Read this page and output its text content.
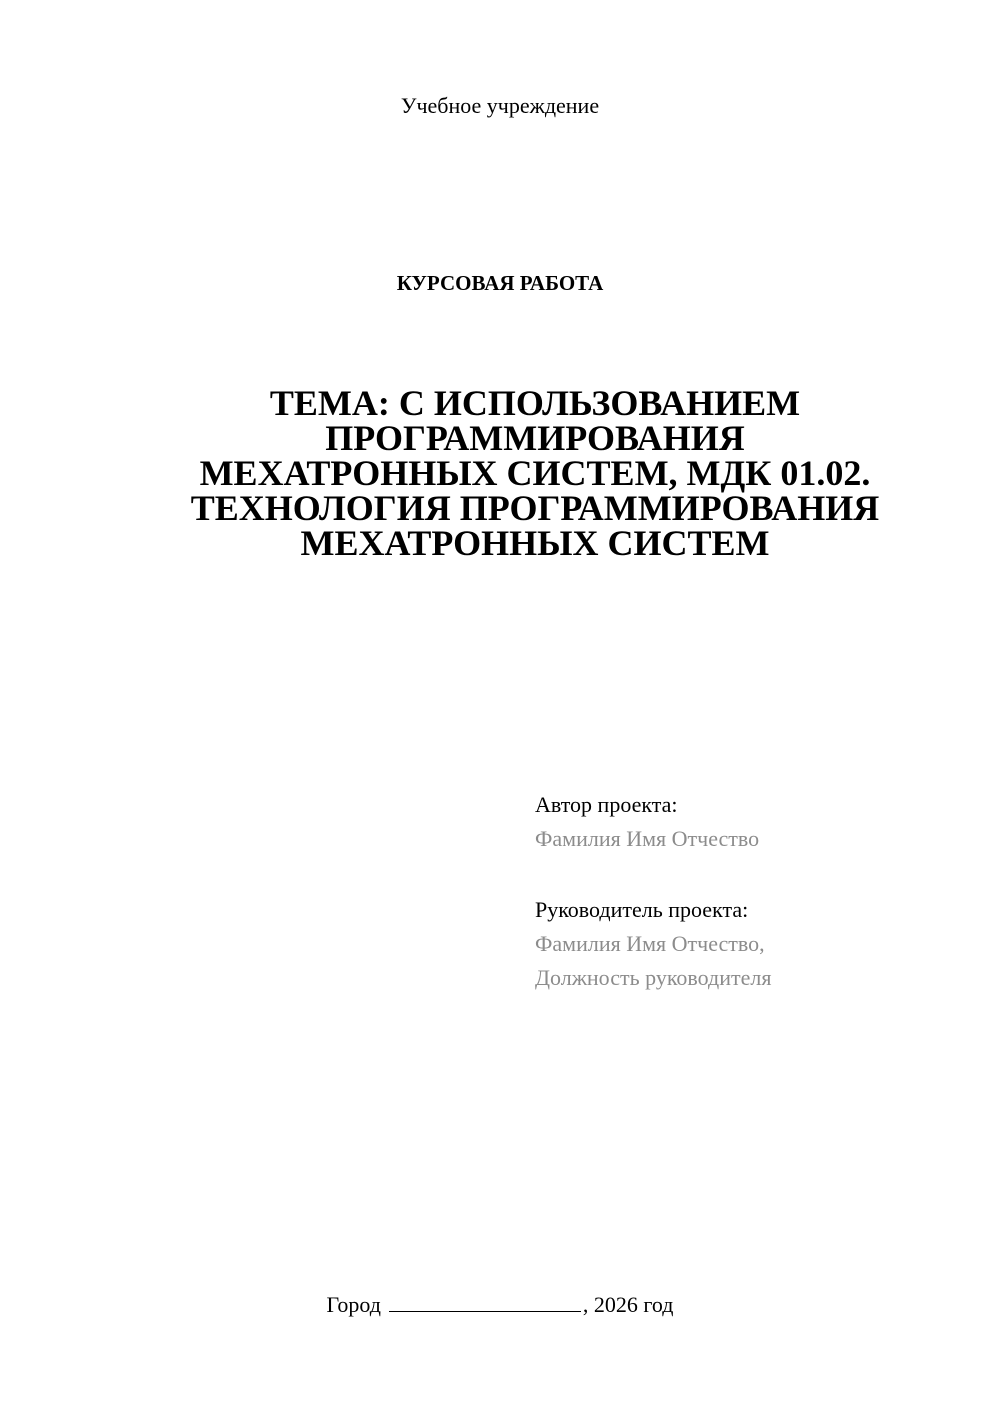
Учебное учреждение
КУРСОВАЯ РАБОТА
ТЕМА: С ИСПОЛЬЗОВАНИЕМ
ПРОГРАММИРОВАНИЯ
МЕХАТРОННЫХ СИСТЕМ, МДК 01.02.
ТЕХНОЛОГИЯ ПРОГРАММИРОВАНИЯ
МЕХАТРОННЫХ СИСТЕМ
Автор проекта:
Фамилия Имя Отчество
Руководитель проекта:
Фамилия Имя Отчество,
Должность руководителя
Город	, 2026 год
